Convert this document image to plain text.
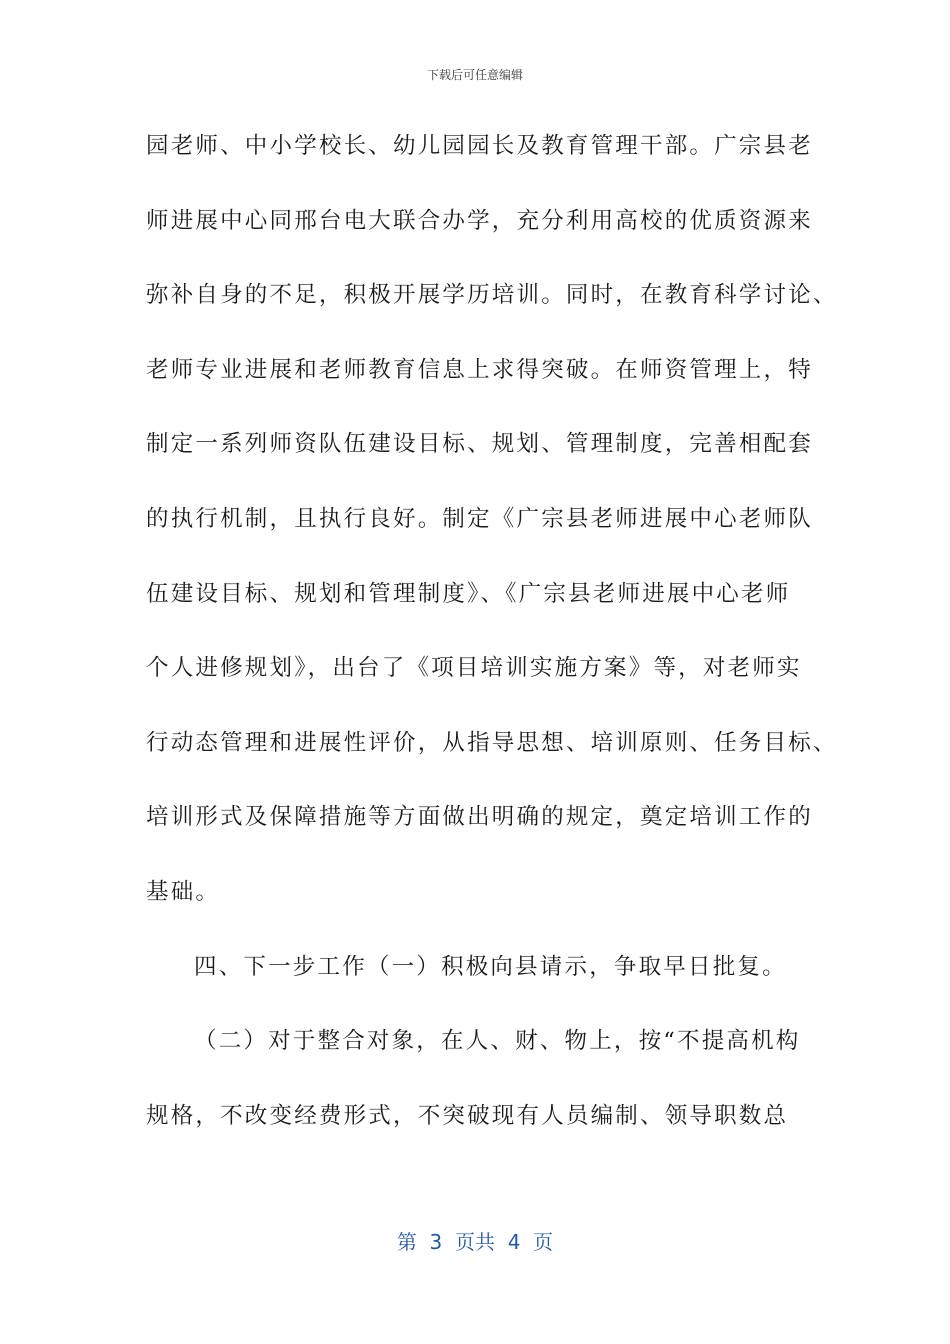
下载后可任意编辑
园老师、中小学校长、幼儿园园长及教育管理干部。广宗县老
师进展中心同邢台电大联合办学，充分利用高校的优质资源来
弥补自身的不足，积极开展学历培训。同时，在教育科学讨论、
老师专业进展和老师教育信息上求得突破。在师资管理上，特
制定一系列师资队伍建设目标、规划、管理制度，完善相配套
的执行机制，且执行良好。制定《广宗县老师进展中心老师队
伍建设目标、规划和管理制度》、《广宗县老师进展中心老师
个人进修规划》，出台了《项目培训实施方案》等，对老师实
行动态管理和进展性评价，从指导思想、培训原则、任务目标、
培训形式及保障措施等方面做出明确的规定，奠定培训工作的
基础。
四、下一步工作（一）积极向县请示，争取早日批复。
（二）对于整合对象，在人、财、物上，按“不提高机构
规格，不改变经费形式，不突破现有人员编制、领导职数总
第  3  页共  4  页
